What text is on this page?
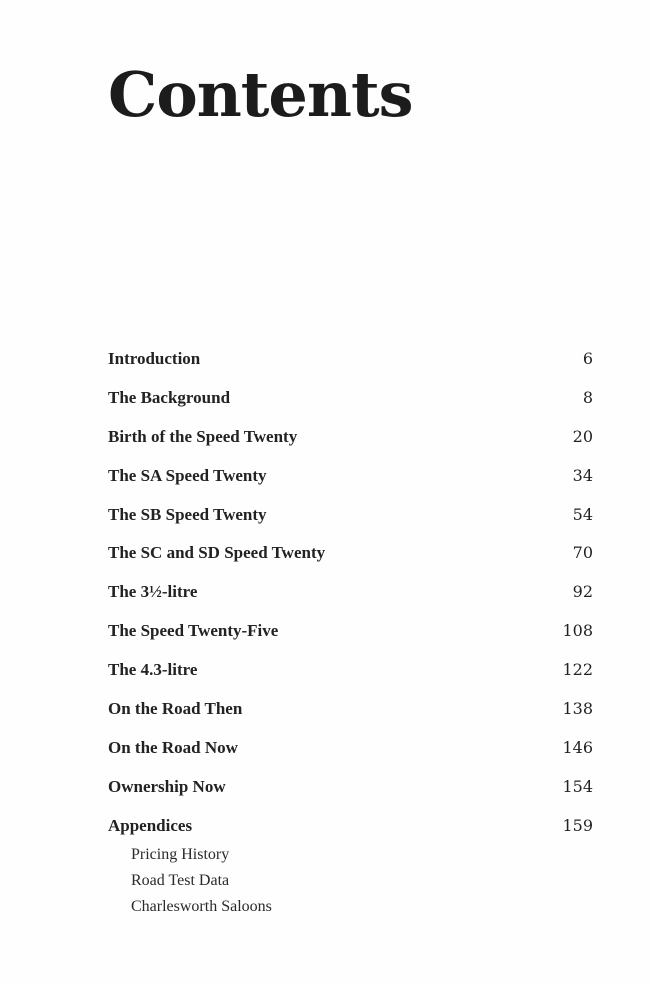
Contents
Introduction	6
The Background	8
Birth of the Speed Twenty	20
The SA Speed Twenty	34
The SB Speed Twenty	54
The SC and SD Speed Twenty	70
The 3½-litre	92
The Speed Twenty-Five	108
The 4.3-litre	122
On the Road Then	138
On the Road Now	146
Ownership Now	154
Appendices	159
Pricing History
Road Test Data
Charlesworth Saloons
